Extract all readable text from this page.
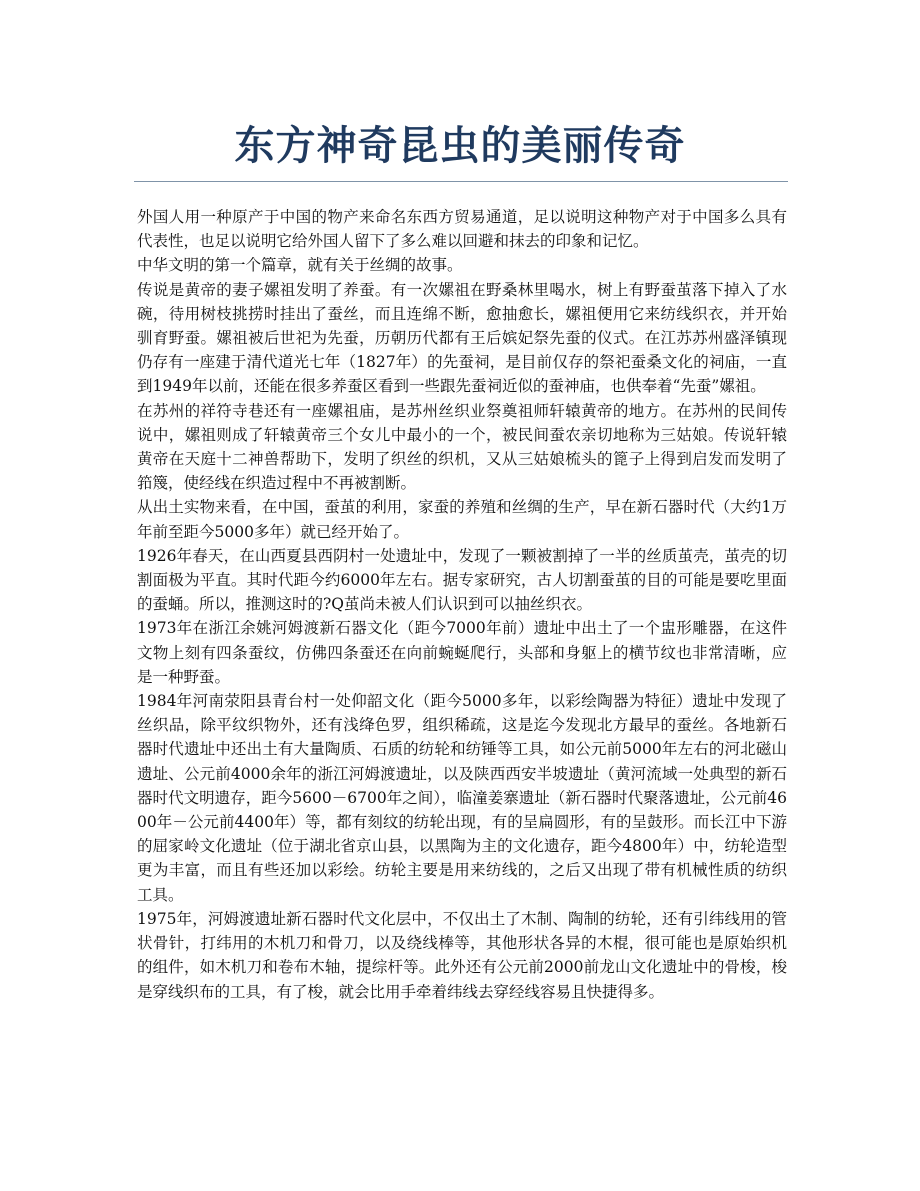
东方神奇昆虫的美丽传奇

外国人用一种原产于中国的物产来命名东西方贸易通道，足以说明这种物产对于中国多么具有代表性，也足以说明它给外国人留下了多么难以回避和抹去的印象和记忆。

中华文明的第一个篇章，就有关于丝绸的故事。

传说是黄帝的妻子嫘祖发明了养蚕。有一次嫘祖在野桑林里喝水，树上有野蚕茧落下掉入了水碗，待用树枝挑捞时挂出了蚕丝，而且连绵不断，愈抽愈长，嫘祖便用它来纺线织衣，并开始驯育野蚕。嫘祖被后世祀为先蚕，历朝历代都有王后嫔妃祭先蚕的仪式。在江苏苏州盛泽镇现仍存有一座建于清代道光七年（1827年）的先蚕祠，是目前仅存的祭祀蚕桑文化的祠庙，一直到1949年以前，还能在很多养蚕区看到一些跟先蚕祠近似的蚕神庙，也供奉着“先蚕”嫘祖。

在苏州的祥符寺巷还有一座嫘祖庙，是苏州丝织业祭奠祖师轩辕黄帝的地方。在苏州的民间传说中，嫘祖则成了轩辕黄帝三个女儿中最小的一个，被民间蚕农亲切地称为三姑娘。传说轩辕黄帝在天庭十二神兽帮助下，发明了织丝的织机，又从三姑娘梳头的篦子上得到启发而发明了筘篾，使经线在织造过程中不再被割断。

从出土实物来看，在中国，蚕茧的利用，家蚕的养殖和丝绸的生产，早在新石器时代（大约1万年前至距今5000多年）就已经开始了。

1926年春天，在山西夏县西阴村一处遗址中，发现了一颗被割掉了一半的丝质茧壳，茧壳的切割面极为平直。其时代距今约6000年左右。据专家研究，古人切割蚕茧的目的可能是要吃里面的蚕蛹。所以，推测这时的?Q茧尚未被人们认识到可以抽丝织衣。

1973年在浙江余姚河姆渡新石器文化（距今7000年前）遗址中出土了一个盅形雕器，在这件文物上刻有四条蚕纹，仿佛四条蚕还在向前蜿蜒爬行，头部和身躯上的横节纹也非常清晰，应是一种野蚕。

1984年河南荥阳县青台村一处仰韶文化（距今5000多年，以彩绘陶器为特征）遗址中发现了丝织品，除平纹织物外，还有浅绛色罗，组织稀疏，这是迄今发现北方最早的蚕丝。各地新石器时代遗址中还出土有大量陶质、石质的纺轮和纺锤等工具，如公元前5000年左右的河北磁山遗址、公元前4000余年的浙江河姆渡遗址，以及陕西西安半坡遗址（黄河流域一处典型的新石器时代文明遗存，距今5600－6700年之间），临潼姜寨遗址（新石器时代聚落遗址，公元前4600年－公元前4400年）等，都有刻纹的纺轮出现，有的呈扁圆形，有的呈鼓形。而长江中下游的屈家岭文化遗址（位于湖北省京山县，以黑陶为主的文化遗存，距今4800年）中，纺轮造型更为丰富，而且有些还加以彩绘。纺轮主要是用来纺线的，之后又出现了带有机械性质的纺织工具。

1975年，河姆渡遗址新石器时代文化层中，不仅出土了木制、陶制的纺轮，还有引纬线用的管状骨针，打纬用的木机刀和骨刀，以及绕线棒等，其他形状各异的木棍，很可能也是原始织机的组件，如木机刀和卷布木轴，提综杆等。此外还有公元前2000前龙山文化遗址中的骨梭，梭是穿线织布的工具，有了梭，就会比用手牵着纬线去穿经线容易且快捷得多。
